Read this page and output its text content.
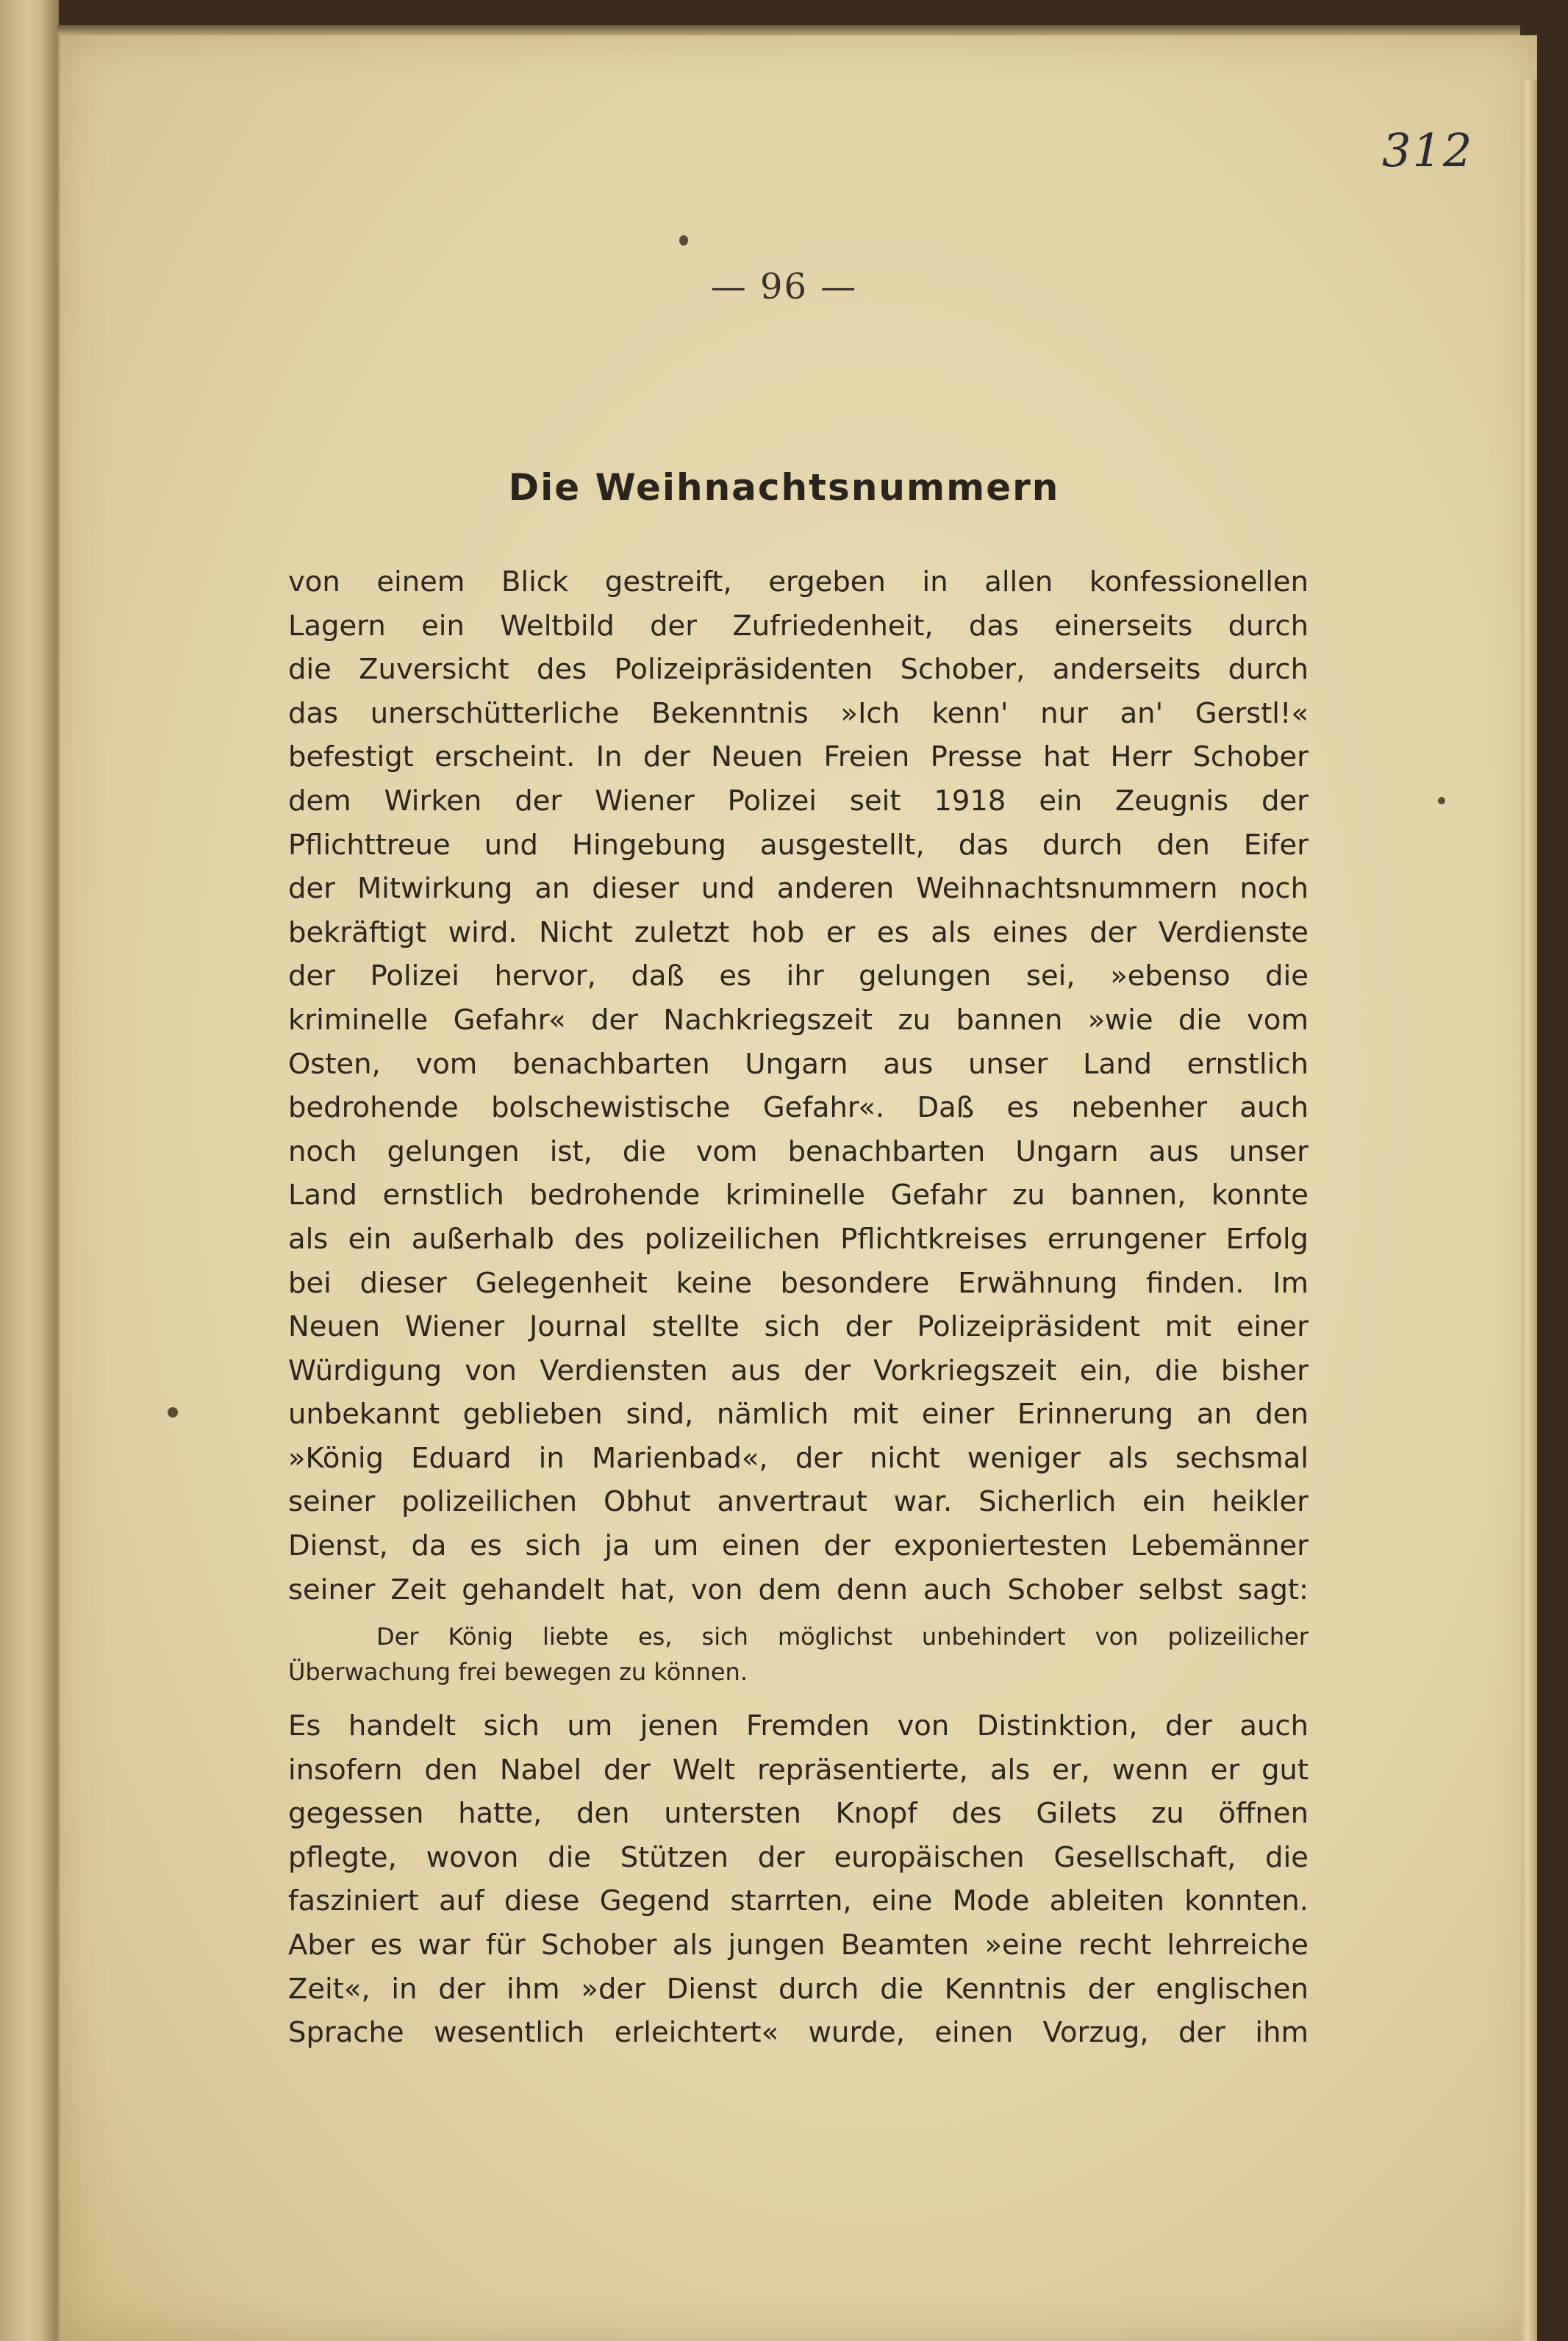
312
— 96 —
Die Weihnachtsnummern
von einem Blick gestreift, ergeben in allen konfessionellen
Lagern ein Weltbild der Zufriedenheit, das einerseits durch
die Zuversicht des Polizeipräsidenten Schober, anderseits durch
das unerschütterliche Bekenntnis »Ich kenn' nur an' Gerstl!«
befestigt erscheint. In der Neuen Freien Presse hat Herr Schober
dem Wirken der Wiener Polizei seit 1918 ein Zeugnis der
Pflichttreue und Hingebung ausgestellt, das durch den Eifer
der Mitwirkung an dieser und anderen Weihnachtsnummern noch
bekräftigt wird. Nicht zuletzt hob er es als eines der Verdienste
der Polizei hervor, daß es ihr gelungen sei, »ebenso die
kriminelle Gefahr« der Nachkriegszeit zu bannen »wie die vom
Osten, vom benachbarten Ungarn aus unser Land ernstlich
bedrohende bolschewistische Gefahr«. Daß es nebenher auch
noch gelungen ist, die vom benachbarten Ungarn aus unser
Land ernstlich bedrohende kriminelle Gefahr zu bannen, konnte
als ein außerhalb des polizeilichen Pflichtkreises errungener Erfolg
bei dieser Gelegenheit keine besondere Erwähnung finden. Im
Neuen Wiener Journal stellte sich der Polizeipräsident mit einer
Würdigung von Verdiensten aus der Vorkriegszeit ein, die bisher
unbekannt geblieben sind, nämlich mit einer Erinnerung an den
»König Eduard in Marienbad«, der nicht weniger als sechsmal
seiner polizeilichen Obhut anvertraut war. Sicherlich ein heikler
Dienst, da es sich ja um einen der exponiertesten Lebemänner
seiner Zeit gehandelt hat, von dem denn auch Schober selbst sagt:
Der König liebte es, sich möglichst unbehindert von polizeilicher
Überwachung frei bewegen zu können.
Es handelt sich um jenen Fremden von Distinktion, der auch
insofern den Nabel der Welt repräsentierte, als er, wenn er gut
gegessen hatte, den untersten Knopf des Gilets zu öffnen
pflegte, wovon die Stützen der europäischen Gesellschaft, die
fasziniert auf diese Gegend starrten, eine Mode ableiten konnten.
Aber es war für Schober als jungen Beamten »eine recht lehrreiche
Zeit«, in der ihm »der Dienst durch die Kenntnis der englischen
Sprache wesentlich erleichtert« wurde, einen Vorzug, der ihm
